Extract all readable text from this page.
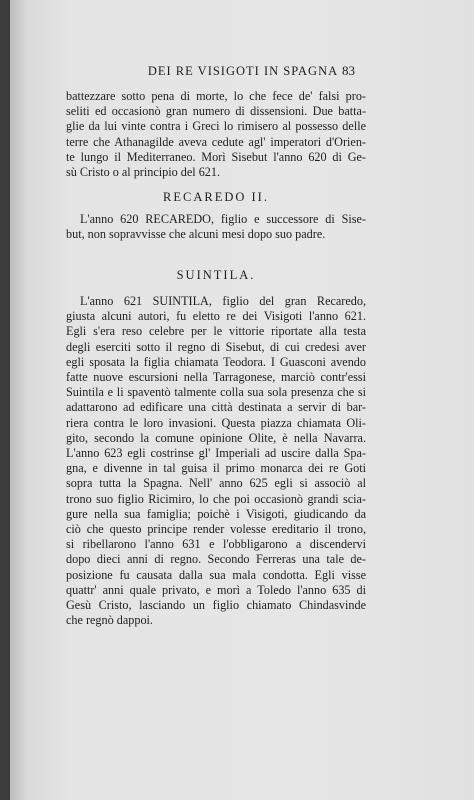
DEI RE VISIGOTI IN SPAGNA 83
battezzare sotto pena di morte, lo che fece de' falsi pro-
seliti ed occasionò gran numero di dissensioni. Due batta-
glie da lui vinte contra i Greci lo rimisero al possesso delle
terre che Athanagilde aveva cedute agl' imperatori d'Orien-
te lungo il Mediterraneo. Morì Sisebut l'anno 620 di Ge-
sù Cristo o al principio del 621.
RECAREDO II.
L'anno 620 RECAREDO, figlio e successore di Sise-
but, non sopravvisse che alcuni mesi dopo suo padre.
SUINTILA.
L'anno 621 SUINTILA, figlio del gran Recaredo,
giusta alcuni autori, fu eletto re dei Visigoti l'anno 621.
Egli s'era reso celebre per le vittorie riportate alla testa
degli eserciti sotto il regno di Sisebut, di cui credesi aver
egli sposata la figlia chiamata Teodora. I Guasconi avendo
fatte nuove escursioni nella Tarragonese, marciò contr'essi
Suintila e li spaventò talmente colla sua sola presenza che si
adattarono ad edificare una città destinata a servir di bar-
riera contra le loro invasioni. Questa piazza chiamata Oli-
gito, secondo la comune opinione Olite, è nella Navarra.
L'anno 623 egli costrinse gl' Imperiali ad uscire dalla Spa-
gna, e divenne in tal guisa il primo monarca dei re Goti
sopra tutta la Spagna. Nell' anno 625 egli si associò al
trono suo figlio Ricimiro, lo che poi occasionò grandi scia-
gure nella sua famiglia; poichè i Visigoti, giudicando da
ciò che questo principe render volesse ereditario il trono,
si ribellarono l'anno 631 e l'obbligarono a discendervi
dopo dieci anni di regno. Secondo Ferreras una tale de-
posizione fu causata dalla sua mala condotta. Egli visse
quattr' anni quale privato, e morì a Toledo l'anno 635 di
Gesù Cristo, lasciando un figlio chiamato Chindasvinde
che regnò dappoi.
